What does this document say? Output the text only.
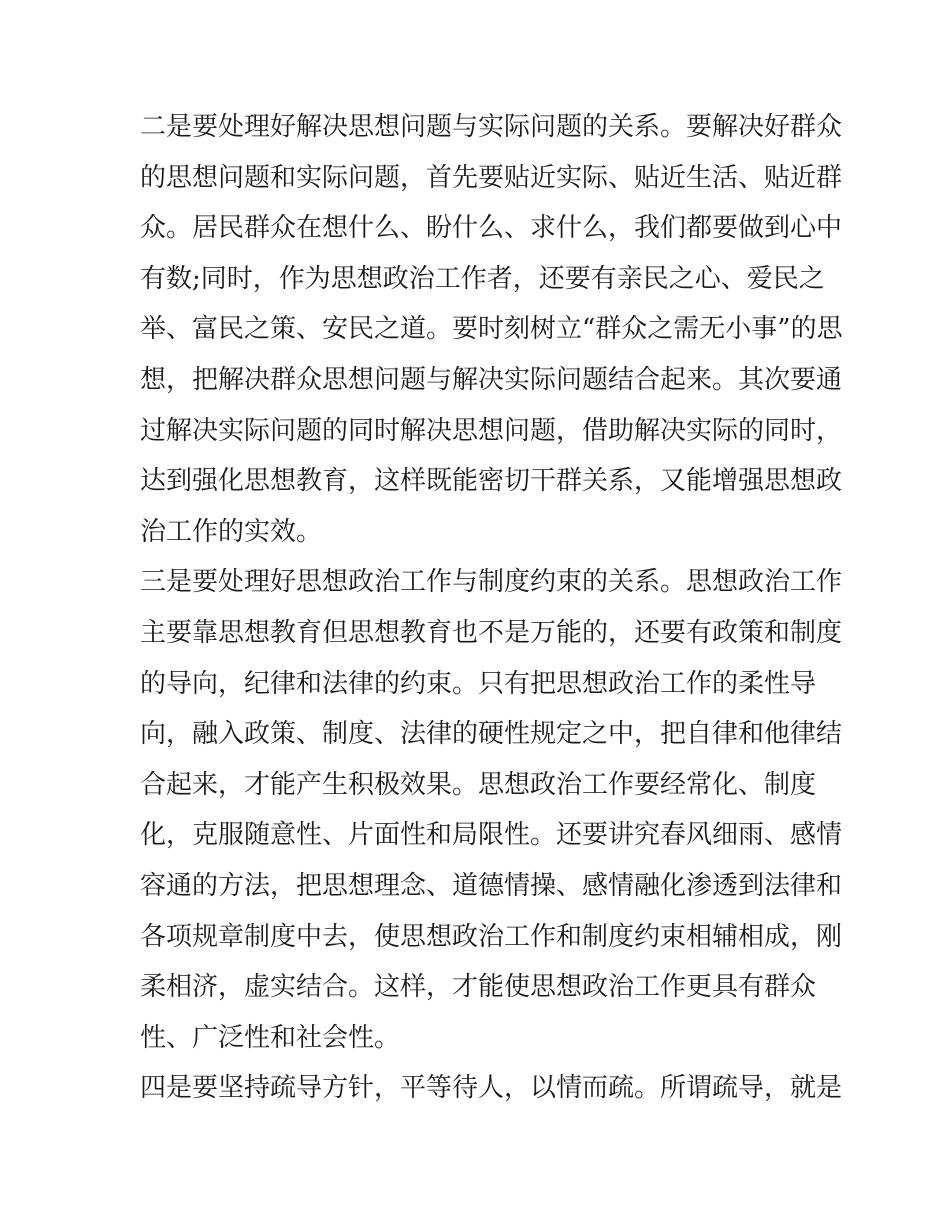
二是要处理好解决思想问题与实际问题的关系。要解决好群众
的思想问题和实际问题，首先要贴近实际、贴近生活、贴近群
众。居民群众在想什么、盼什么、求什么，我们都要做到心中
有数;同时，作为思想政治工作者，还要有亲民之心、爱民之
举、富民之策、安民之道。要时刻树立“群众之需无小事”的思
想，把解决群众思想问题与解决实际问题结合起来。其次要通
过解决实际问题的同时解决思想问题，借助解决实际的同时，
达到强化思想教育，这样既能密切干群关系，又能增强思想政
治工作的实效。
三是要处理好思想政治工作与制度约束的关系。思想政治工作
主要靠思想教育但思想教育也不是万能的，还要有政策和制度
的导向，纪律和法律的约束。只有把思想政治工作的柔性导
向，融入政策、制度、法律的硬性规定之中，把自律和他律结
合起来，才能产生积极效果。思想政治工作要经常化、制度
化，克服随意性、片面性和局限性。还要讲究春风细雨、感情
容通的方法，把思想理念、道德情操、感情融化渗透到法律和
各项规章制度中去，使思想政治工作和制度约束相辅相成，刚
柔相济，虚实结合。这样，才能使思想政治工作更具有群众
性、广泛性和社会性。
四是要坚持疏导方针，平等待人，以情而疏。所谓疏导，就是
